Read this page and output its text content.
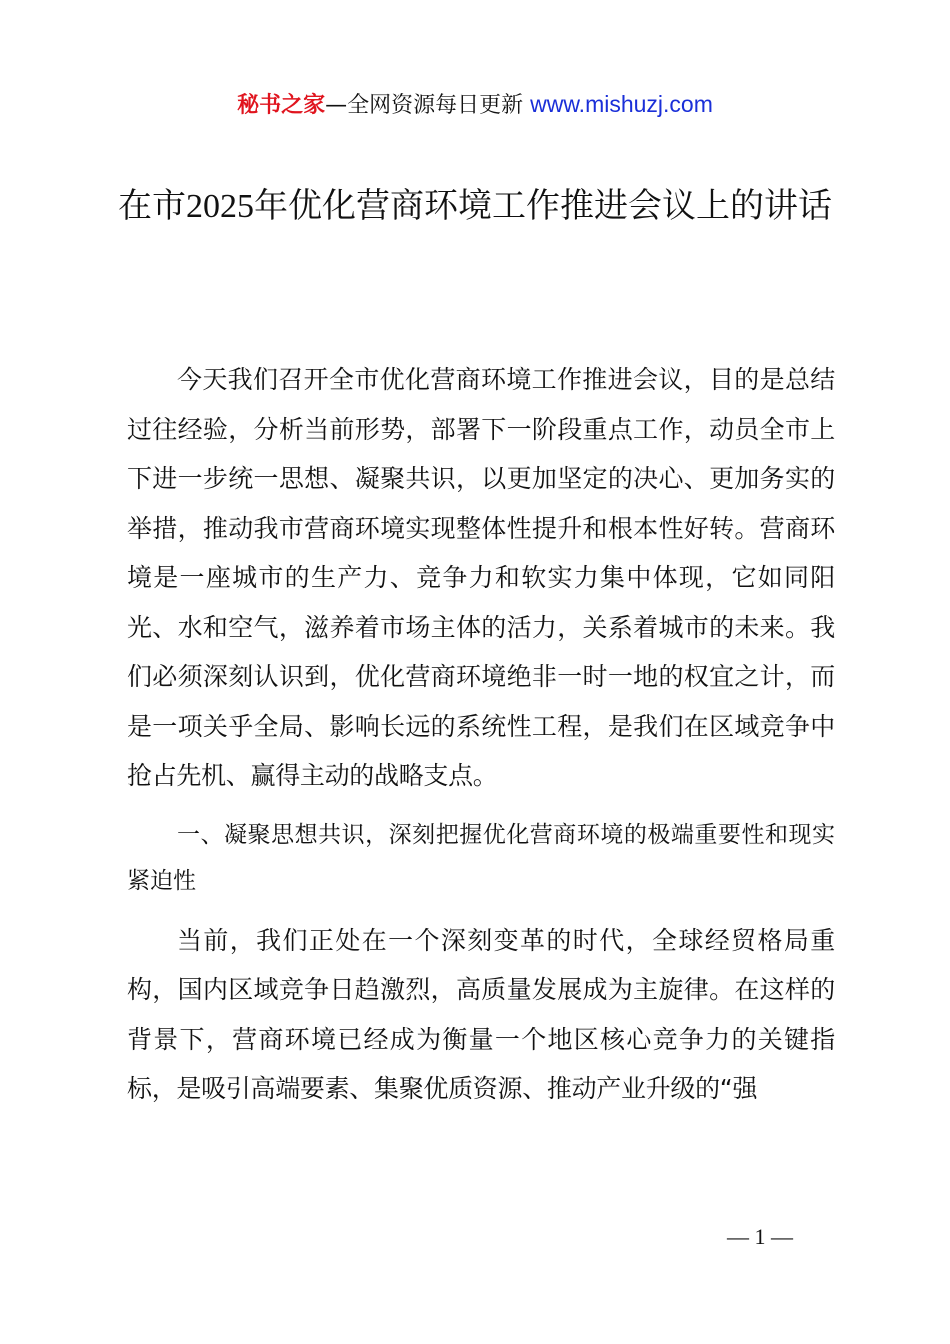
秘书之家—全网资源每日更新 www.mishuzj.com
在市2025年优化营商环境工作推进会议上的讲话

今天我们召开全市优化营商环境工作推进会议，目的是总结过往经验，分析当前形势，部署下一阶段重点工作，动员全市上下进一步统一思想、凝聚共识，以更加坚定的决心、更加务实的举措，推动我市营商环境实现整体性提升和根本性好转。营商环境是一座城市的生产力、竞争力和软实力集中体现，它如同阳光、水和空气，滋养着市场主体的活力，关系着城市的未来。我们必须深刻认识到，优化营商环境绝非一时一地的权宜之计，而是一项关乎全局、影响长远的系统性工程，是我们在区域竞争中抢占先机、赢得主动的战略支点。

一、凝聚思想共识，深刻把握优化营商环境的极端重要性和现实紧迫性

当前，我们正处在一个深刻变革的时代，全球经贸格局重构，国内区域竞争日趋激烈，高质量发展成为主旋律。在这样的背景下，营商环境已经成为衡量一个地区核心竞争力的关键指标，是吸引高端要素、集聚优质资源、推动产业升级的“强

— 1 —
